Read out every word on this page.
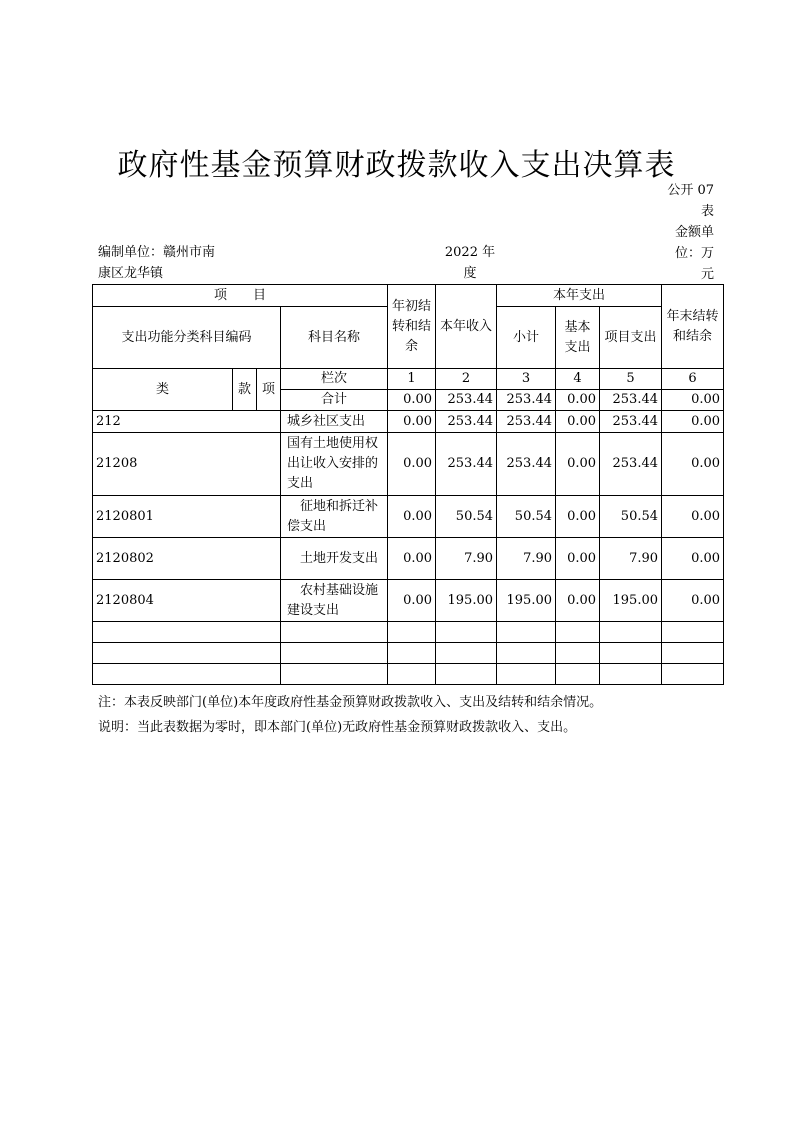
政府性基金预算财政拨款收入支出决算表
公开 07
表
金额单
位：万
元
编制单位：赣州市南
康区龙华镇
2022 年
度
项　　目				年初结转和结余	本年收入	本年支出			年末结转和结余
支出功能分类科目编码			科目名称			小计	基本支出	项目支出	
类	款	项	栏次	1	2	3	4	5	6
			合计	0.00	253.44	253.44	0.00	253.44	0.00
212			城乡社区支出	0.00	253.44	253.44	0.00	253.44	0.00
21208			国有土地使用权出让收入安排的支出	0.00	253.44	253.44	0.00	253.44	0.00
2120801			　征地和拆迁补偿支出	0.00	50.54	50.54	0.00	50.54	0.00
2120802			　土地开发支出	0.00	7.90	7.90	0.00	7.90	0.00
2120804			　农村基础设施建设支出	0.00	195.00	195.00	0.00	195.00	0.00

注：本表反映部门(单位)本年度政府性基金预算财政拨款收入、支出及结转和结余情况。
说明：当此表数据为零时，即本部门(单位)无政府性基金预算财政拨款收入、支出。
